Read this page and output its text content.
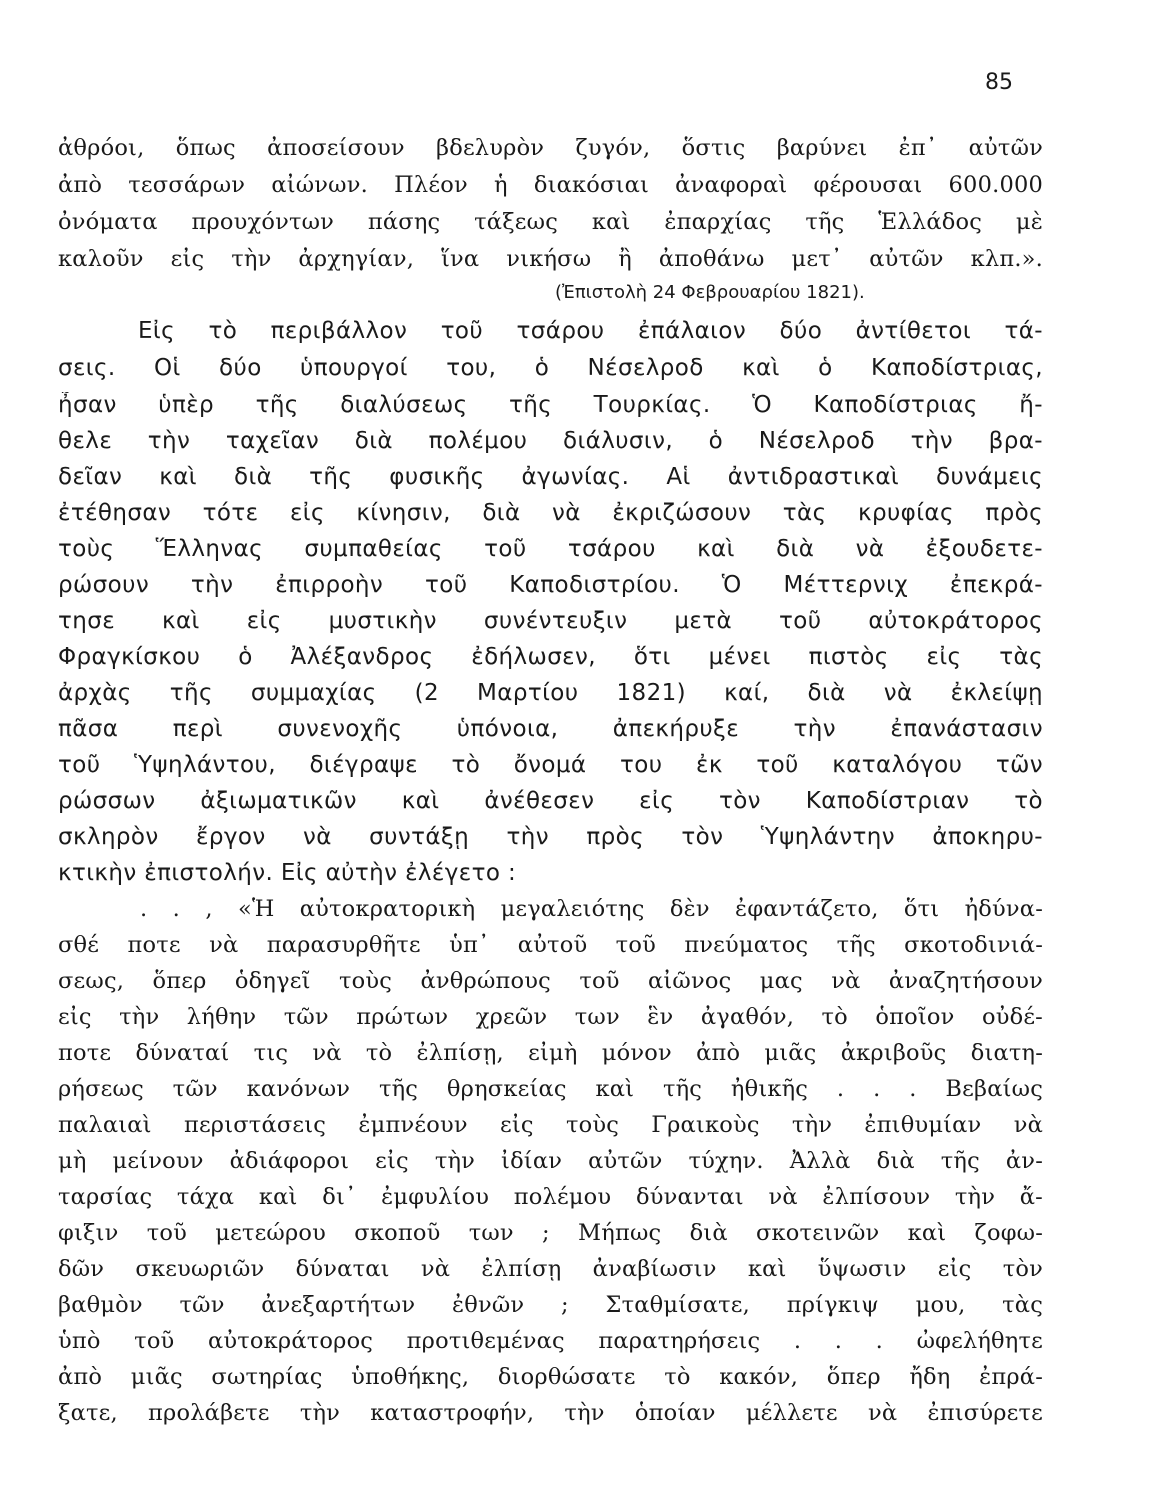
85
ἀθρόοι, ὅπως ἀποσείσουν βδελυρὸν ζυγόν, ὅστις βαρύνει ἐπ᾿ αὐτῶν
ἀπὸ τεσσάρων αἰώνων. Πλέον ἡ διακόσιαι ἀναφοραὶ φέρουσαι 600.000
ὀνόματα προυχόντων πάσης τάξεως καὶ ἐπαρχίας τῆς Ἑλλάδος μὲ
καλοῦν εἰς τὴν ἀρχηγίαν, ἵνα νικήσω ἢ ἀποθάνω μετ᾿ αὐτῶν κλπ.».
(Ἐπιστολὴ 24 Φεβρουαρίου 1821).
Εἰς τὸ περιβάλλον τοῦ τσάρου ἐπάλαιον δύο ἀντίθετοι τά-
σεις. Οἱ δύο ὑπουργοί του, ὁ Νέσελροδ καὶ ὁ Καποδίστριας,
ἦσαν ὑπὲρ τῆς διαλύσεως τῆς Τουρκίας. Ὁ Καποδίστριας ἤ-
θελε τὴν ταχεῖαν διὰ πολέμου διάλυσιν, ὁ Νέσελροδ τὴν βρα-
δεῖαν καὶ διὰ τῆς φυσικῆς ἀγωνίας. Αἱ ἀντιδραστικαὶ δυνάμεις
ἐτέθησαν τότε εἰς κίνησιν, διὰ νὰ ἐκριζώσουν τὰς κρυφίας πρὸς
τοὺς Ἕλληνας συμπαθείας τοῦ τσάρου καὶ διὰ νὰ ἐξουδετε-
ρώσουν τὴν ἐπιρροὴν τοῦ Καποδιστρίου. Ὁ Μέττερνιχ ἐπεκρά-
τησε καὶ εἰς μυστικὴν συνέντευξιν μετὰ τοῦ αὐτοκράτορος
Φραγκίσκου ὁ Ἀλέξανδρος ἐδήλωσεν, ὅτι μένει πιστὸς εἰς τὰς
ἀρχὰς τῆς συμμαχίας (2 Μαρτίου 1821) καί, διὰ νὰ ἐκλείψῃ
πᾶσα περὶ συνενοχῆς ὑπόνοια, ἀπεκήρυξε τὴν ἐπανάστασιν
τοῦ Ὑψηλάντου, διέγραψε τὸ ὄνομά του ἐκ τοῦ καταλόγου τῶν
ρώσσων ἀξιωματικῶν καὶ ἀνέθεσεν εἰς τὸν Καποδίστριαν τὸ
σκληρὸν ἔργον νὰ συντάξῃ τὴν πρὸς τὸν Ὑψηλάντην ἀποκηρυ-
κτικὴν ἐπιστολήν. Εἰς αὐτὴν ἐλέγετο :
. . , «Ἡ αὐτοκρατορικὴ μεγαλειότης δὲν ἐφαντάζετο, ὅτι ἠδύνα-
σθέ ποτε νὰ παρασυρθῆτε ὑπ᾿ αὐτοῦ τοῦ πνεύματος τῆς σκοτοδινιά-
σεως, ὅπερ ὁδηγεῖ τοὺς ἀνθρώπους τοῦ αἰῶνος μας νὰ ἀναζητήσουν
εἰς τὴν λήθην τῶν πρώτων χρεῶν των ἓν ἀγαθόν, τὸ ὁποῖον οὐδέ-
ποτε δύναταί τις νὰ τὸ ἐλπίσῃ, εἰμὴ μόνον ἀπὸ μιᾶς ἀκριβοῦς διατη-
ρήσεως τῶν κανόνων τῆς θρησκείας καὶ τῆς ἠθικῆς . . . Βεβαίως
παλαιαὶ περιστάσεις ἐμπνέουν εἰς τοὺς Γραικοὺς τὴν ἐπιθυμίαν νὰ
μὴ μείνουν ἀδιάφοροι εἰς τὴν ἰδίαν αὐτῶν τύχην. Ἀλλὰ διὰ τῆς ἀν-
ταρσίας τάχα καὶ δι᾿ ἐμφυλίου πολέμου δύνανται νὰ ἐλπίσουν τὴν ἄ-
φιξιν τοῦ μετεώρου σκοποῦ των ; Μήπως διὰ σκοτεινῶν καὶ ζοφω-
δῶν σκευωριῶν δύναται νὰ ἐλπίσῃ ἀναβίωσιν καὶ ὕψωσιν εἰς τὸν
βαθμὸν τῶν ἀνεξαρτήτων ἐθνῶν ; Σταθμίσατε, πρίγκιψ μου, τὰς
ὑπὸ τοῦ αὐτοκράτορος προτιθεμένας παρατηρήσεις . . . ὠφελήθητε
ἀπὸ μιᾶς σωτηρίας ὑποθήκης, διορθώσατε τὸ κακόν, ὅπερ ἤδη ἐπρά-
ξατε, προλάβετε τὴν καταστροφήν, τὴν ὁποίαν μέλλετε νὰ ἐπισύρετε
